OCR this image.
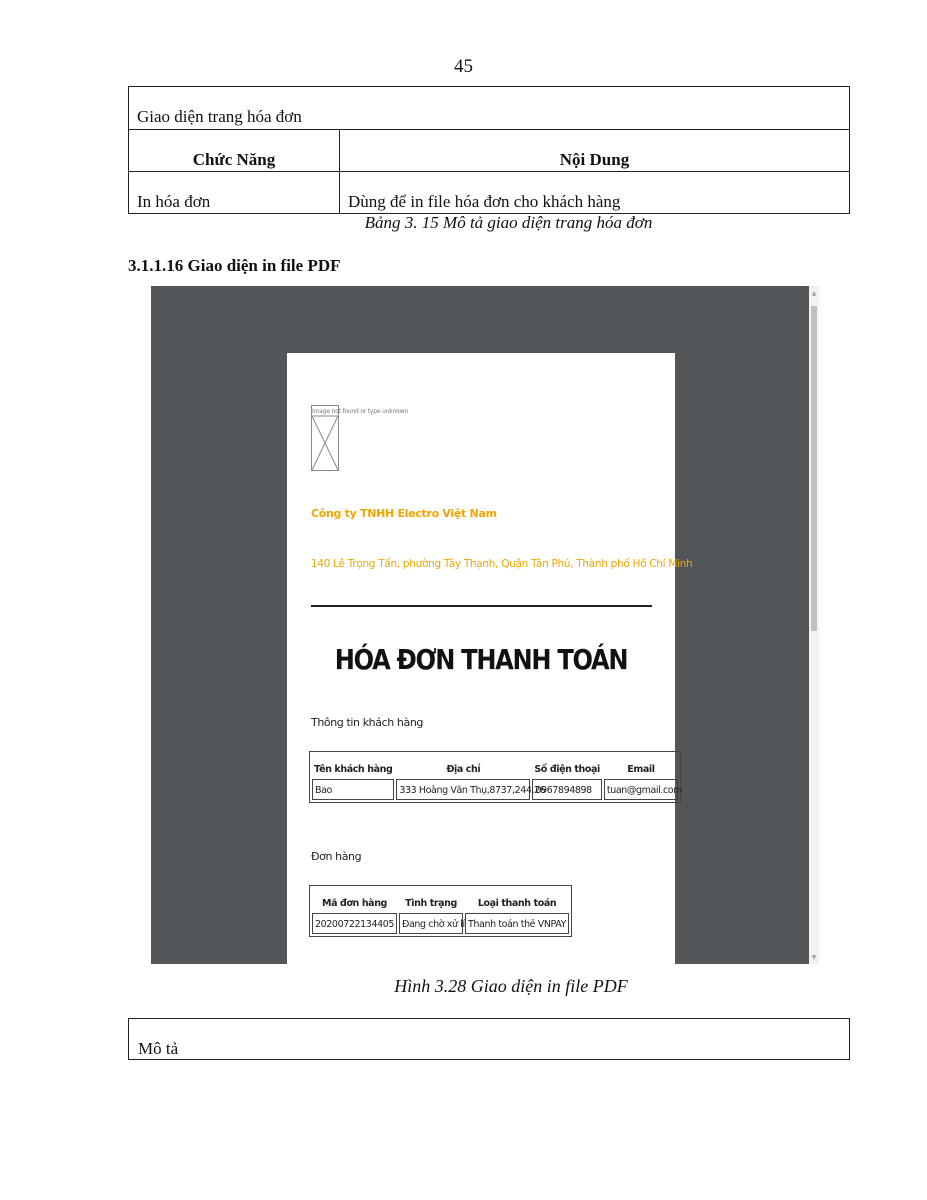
45
Giao diện trang hóa đơn	
Chức Năng	Nội Dung
In hóa đơn	Dùng để in file hóa đơn cho khách hàng
Bảng 3. 15 Mô tả giao diện trang hóa đơn
3.1.1.16 Giao diện in file PDF
Image not found or type unknown
Công ty TNHH Electro Việt Nam
140 Lê Trọng Tấn, phường Tây Thạnh, Quận Tân Phú, Thành phố Hồ Chí Minh
HÓA ĐƠN THANH TOÁN
Thông tin khách hàng
Tên khách hàng	Địa chỉ	Số điện thoại	Email
Bao	333 Hoàng Văn Thụ,8737,244,26	0967894898	tuan@gmail.com
Đơn hàng
Mã đơn hàng	Tình trạng	Loại thanh toán
20200722134405	Đang chờ xử lí	Thanh toán thẻ VNPAY
▲
▼
Hình 3.28 Giao diện in file PDF
Mô tả
